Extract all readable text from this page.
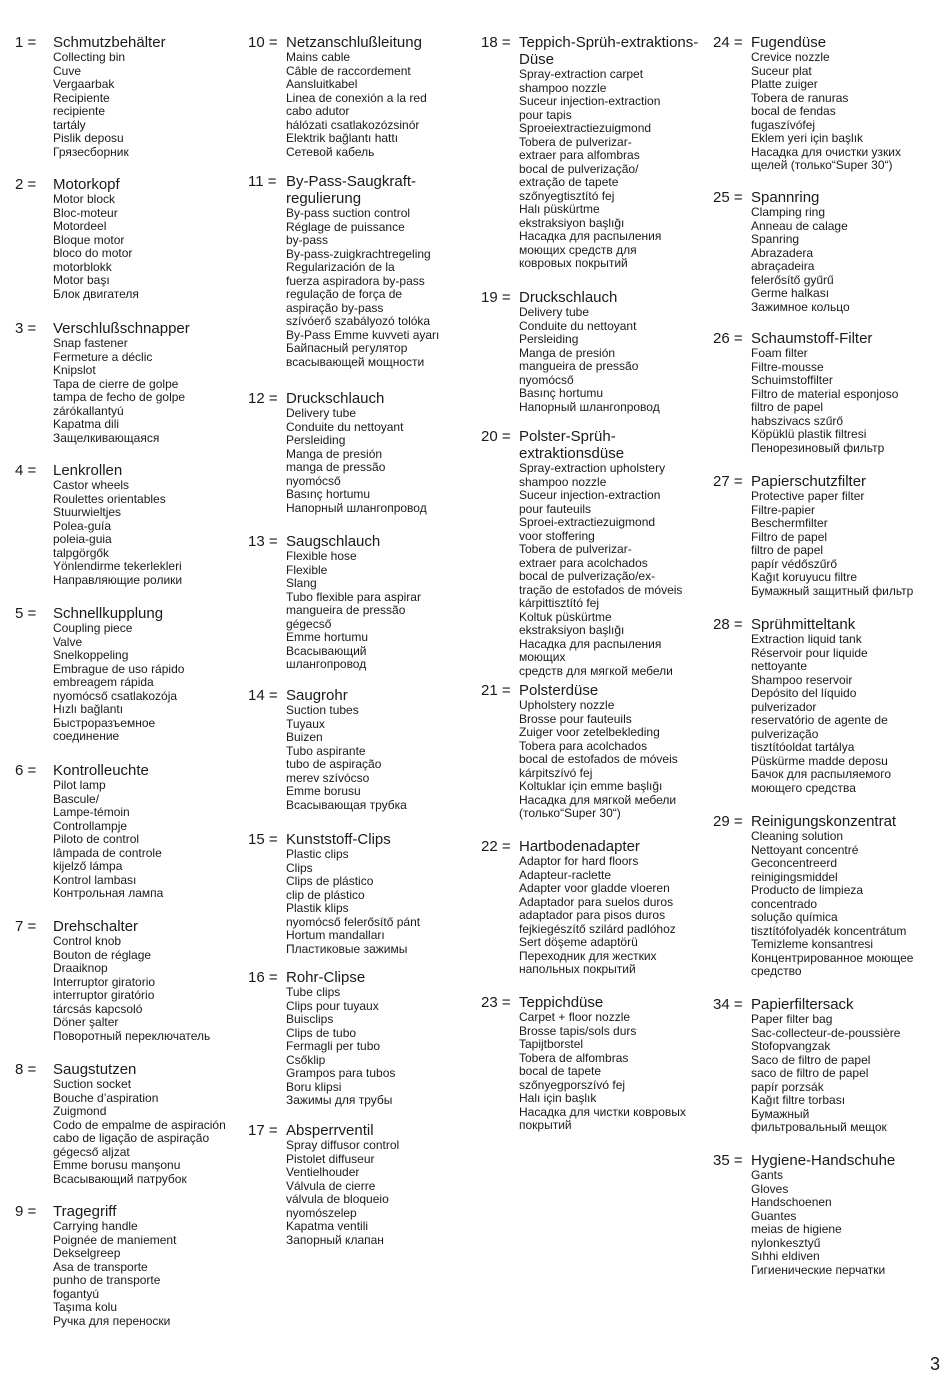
1 =	Schmutzbehälter
Collecting bin
Cuve
Vergaarbak
Recipiente
recipiente
tartály
Pislik deposu
Грязесборник
2 =	Motorkopf
Motor block
Bloc-moteur
Motordeel
Bloque motor
bloco do motor
motorblokk
Motor başı
Блок двигателя
3 =	Verschlußschnapper
Snap fastener
Fermeture a déclic
Knipslot
Tapa de cierre de golpe
tampa de fecho de golpe
zárókallantyú
Kapatma dili
Защелкивающаяся
4 =	Lenkrollen
Castor wheels
Roulettes orientables
Stuurwieltjes
Polea-guía
poleia-guia
talpgörgők
Yönlendirme tekerlekleri
Направляющие ролики
5 =	Schnellkupplung
Coupling piece
Valve
Snelkoppeling
Embrague de uso rápido
embreagem rápida
nyomócső csatlakozója
Hızlı bağlantı
Быстроразъемное
соединение
6 =	Kontrolleuchte
Pilot lamp
Bascule/
Lampe-témoin
Controllampje
Piloto de control
lâmpada de controle
kijelző lámpa
Kontrol lambası
Контрольная лампа
7 =	Drehschalter
Control knob
Bouton de réglage
Draaiknop
Interruptor giratorio
interruptor giratório
tárcsás kapcsoló
Döner şalter
Поворотный переключатель
8 =	Saugstutzen
Suction socket
Bouche d’aspiration
Zuigmond
Codo de empalme de aspiración
cabo de ligação de aspiração
gégecső aljzat
Emme borusu manşonu
Всасывающий патрубок
9 =	Tragegriff
Carrying handle
Poignée de maniement
Dekselgreep
Asa de transporte
punho de transporte
fogantyú
Taşıma kolu
Ручка для переноски
10 = Netzanschlußleitung
Mains cable
Câble de raccordement
Aansluitkabel
Linea de conexión a la red
cabo adutor
hálózati csatlakozózsinór
Elektrik bağlantı hattı
Сетевой кабель
11 = By-Pass-Saugkraft-regulierung
By-pass suction control
Réglage de puissance
by-pass
By-pass-zuigkrachtregeling
Regularización de la
fuerza aspiradora by-pass
regulação de força de
aspiração by-pass
szívóerő szabályozó tolóka
By-Pass Emme kuvveti ayarı
Байпасный регулятор
всасывающей мощности
12 = Druckschlauch
Delivery tube
Conduite du nettoyant
Persleiding
Manga de presión
manga de pressão
nyomócső
Basınç hortumu
Напорный шлангопровод
13 = Saugschlauch
Flexible hose
Flexible
Slang
Tubo flexible para aspirar
mangueira de pressão
gégecső
Emme hortumu
Всасывающий
шлангопровод
14 = Saugrohr
Suction tubes
Tuyaux
Buizen
Tubo aspirante
tubo de aspiração
merev szívócso
Emme borusu
Всасывающая трубка
15 = Kunststoff-Clips
Plastic clips
Clips
Clips de plástico
clip de plástico
Plastik klips
nyomócső felerősítő pánt
Hortum mandalları
Пластиковые зажимы
16 = Rohr-Clipse
Tube clips
Clips pour tuyaux
Buisclips
Clips de tubo
Fermagli per tubo
Csőklip
Grampos para tubos
Boru klipsi
Зажимы для трубы
17 = Absperrventil
Spray diffusor control
Pistolet diffuseur
Ventielhouder
Válvula de cierre
válvula de bloqueio
nyomószelep
Kapatma ventili
Запорный клапан
18 = Teppich-Sprüh-extraktions-Düse
Spray-extraction carpet
shampoo nozzle
Suceur injection-extraction
pour tapis
Sproeiextractiezuigmond
Tobera de pulverizar-
extraer para alfombras
bocal de pulverização/
extração de tapete
szőnyegtisztító fej
Halı püskürtme
ekstraksiyon başlığı
Насадка для распыления
моющих средств для
ковровых покрытий
19 = Druckschlauch
Delivery tube
Conduite du nettoyant
Persleiding
Manga de presión
mangueira de pressão
nyomócső
Basınç hortumu
Напорный шлангопровод
20 = Polster-Sprüh-extraktionsdüse
Spray-extraction upholstery
shampoo nozzle
Suceur injection-extraction
pour fauteuils
Sproei-extractiezuigmond
voor stoffering
Tobera de pulverizar-
extraer para acolchados
bocal de pulverização/ex-
tração de estofados de móveis
kárpittisztító fej
Koltuk püskürtme
ekstraksiyon başlığı
Насадка для распыления моющих
средств для мягкой мебели
21 = Polsterdüse
Upholstery nozzle
Brosse pour fauteuils
Zuiger voor zetelbekleding
Tobera para acolchados
bocal de estofados de móveis
kárpitszívó fej
Koltuklar için emme başlığı
Насадка для мягкой мебели
(только“Super 30“)
22 = Hartbodenadapter
Adaptor for hard floors
Adapteur-raclette
Adapter voor gladde vloeren
Adaptador para suelos duros
adaptador para pisos duros
fejkiegészítő szilárd padlóhoz
Sert döşeme adaptörü
Переходник для жестких
напольных покрытий
23 = Teppichdüse
Carpet + floor nozzle
Brosse tapis/sols durs
Tapijtborstel
Tobera de alfombras
bocal de tapete
szőnyegporszívó fej
Halı için başlık
Насадка для чистки ковровых
покрытий
24 = Fugendüse
Crevice nozzle
Suceur plat
Platte zuiger
Tobera de ranuras
bocal de fendas
fugaszívófej
Eklem yeri için başlık
Насадка для очистки узких
щелей (только“Super 30“)
25 = Spannring
Clamping ring
Anneau de calage
Spanring
Abrazadera
abraçadeira
felerősítő gyűrű
Germe halkası
Зажимное кольцо
26 = Schaumstoff-Filter
Foam filter
Filtre-mousse
Schuimstoffilter
Filtro de material esponjoso
filtro de papel
habszivacs szűrő
Köpüklü plastik filtresi
Пенорезиновый фильтр
27 = Papierschutzfilter
Protective paper filter
Filtre-papier
Beschermfilter
Filtro de papel
filtro de papel
papír védőszűrő
Kağıt koruyucu filtre
Бумажный защитный фильтр
28 = Sprühmitteltank
Extraction liquid tank
Réservoir pour liquide
nettoyante
Shampoo reservoir
Depósito del líquido
pulverizador
reservatório de agente de
pulverização
tisztítóoldat tartálya
Püskürme madde deposu
Бачок для распыляемого
моющего средства
29 = Reinigungskonzentrat
Cleaning solution
Nettoyant concentré
Geconcentreerd
reinigingsmiddel
Producto de limpieza
concentrado
solução química
tisztítófolyadék koncentrátum
Temizleme konsantresi
Концентрированное моющее
средство
34 = Papierfiltersack
Paper filter bag
Sac-collecteur-de-poussière
Stofopvangzak
Saco de filtro de papel
saco de filtro de papel
papír porzsák
Kağıt filtre torbası
Бумажный
фильтровальный мещок
35 = Hygiene-Handschuhe
Gants
Gloves
Handschoenen
Guantes
meias de higiene
nylonkesztyű
Sıhhi eldiven
Гигиенические перчатки
3
